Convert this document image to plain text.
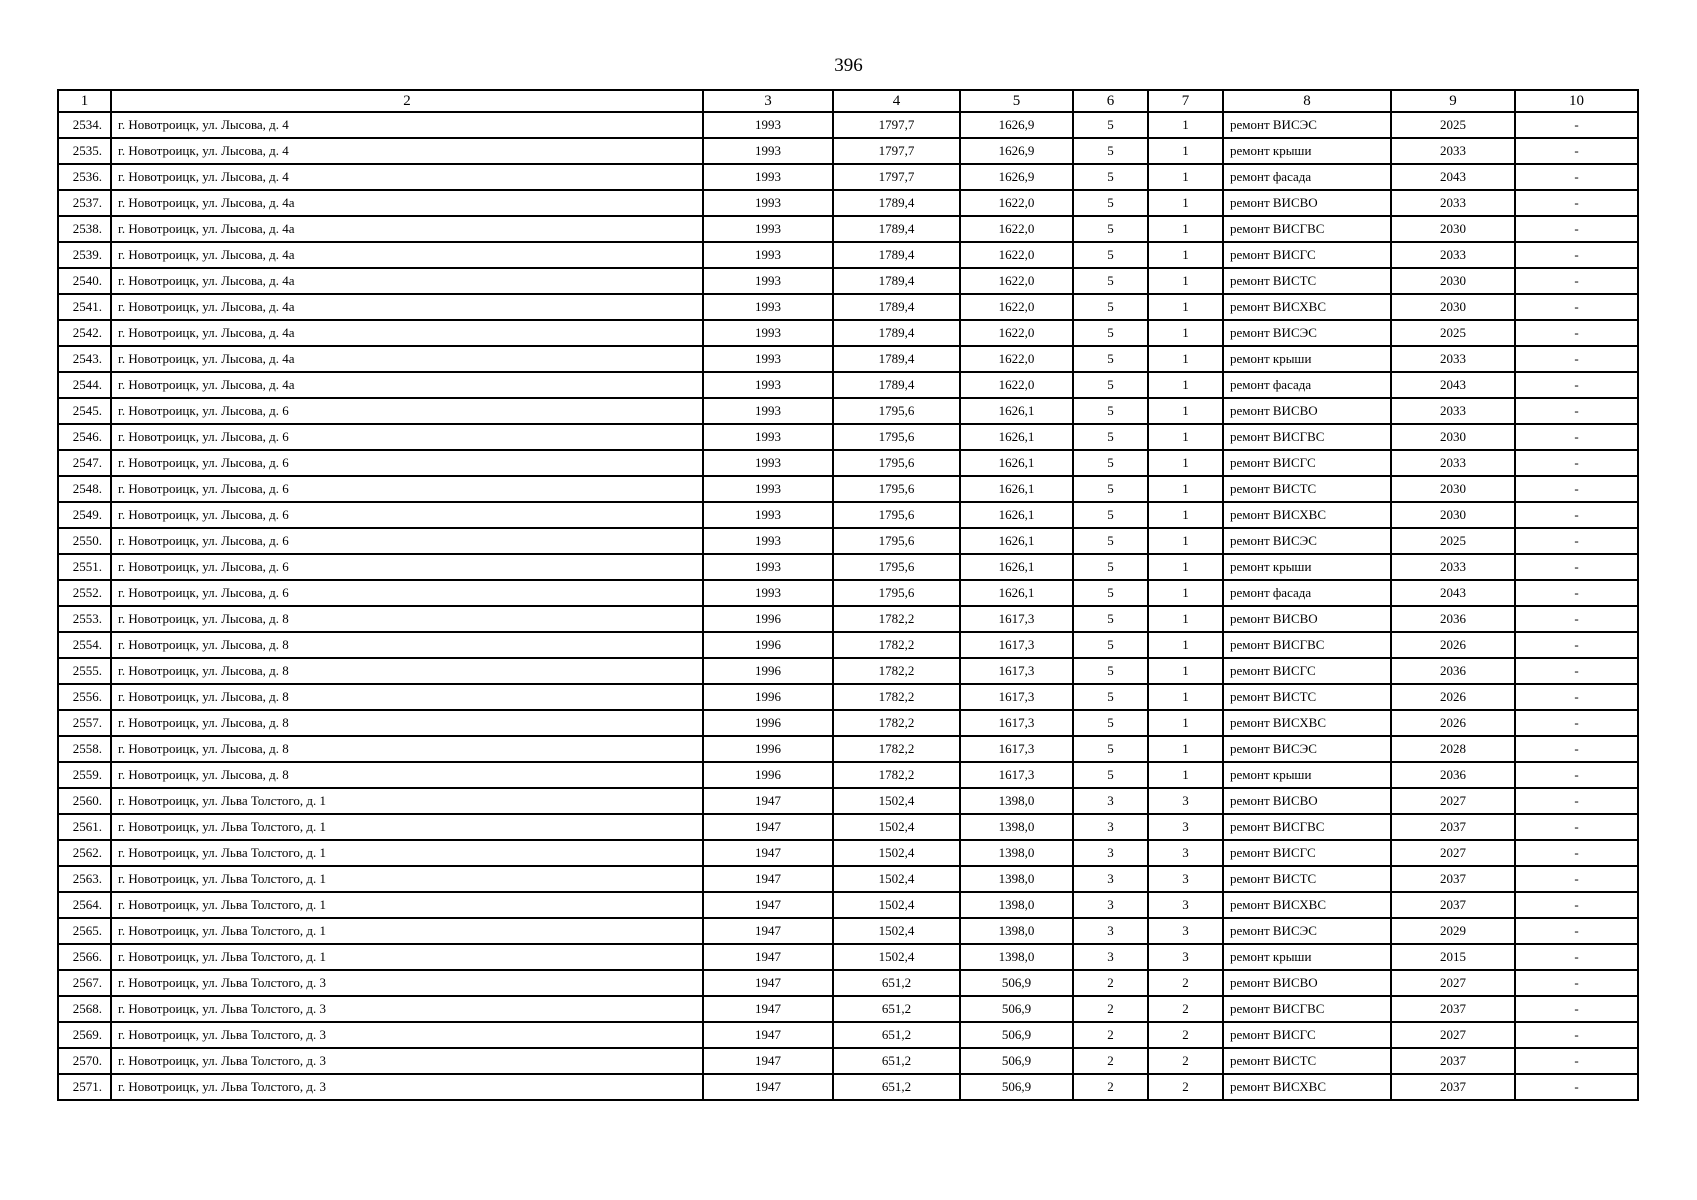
396
1	2	3	4	5	6	7	8	9	10
2534.	г. Новотроицк, ул. Лысова, д. 4	1993	1797,7	1626,9	5	1	ремонт ВИСЭС	2025	-
2535.	г. Новотроицк, ул. Лысова, д. 4	1993	1797,7	1626,9	5	1	ремонт крыши	2033	-
2536.	г. Новотроицк, ул. Лысова, д. 4	1993	1797,7	1626,9	5	1	ремонт фасада	2043	-
2537.	г. Новотроицк, ул. Лысова, д. 4а	1993	1789,4	1622,0	5	1	ремонт ВИСВО	2033	-
2538.	г. Новотроицк, ул. Лысова, д. 4а	1993	1789,4	1622,0	5	1	ремонт ВИСГВС	2030	-
2539.	г. Новотроицк, ул. Лысова, д. 4а	1993	1789,4	1622,0	5	1	ремонт ВИСГС	2033	-
2540.	г. Новотроицк, ул. Лысова, д. 4а	1993	1789,4	1622,0	5	1	ремонт ВИСТС	2030	-
2541.	г. Новотроицк, ул. Лысова, д. 4а	1993	1789,4	1622,0	5	1	ремонт ВИСХВС	2030	-
2542.	г. Новотроицк, ул. Лысова, д. 4а	1993	1789,4	1622,0	5	1	ремонт ВИСЭС	2025	-
2543.	г. Новотроицк, ул. Лысова, д. 4а	1993	1789,4	1622,0	5	1	ремонт крыши	2033	-
2544.	г. Новотроицк, ул. Лысова, д. 4а	1993	1789,4	1622,0	5	1	ремонт фасада	2043	-
2545.	г. Новотроицк, ул. Лысова, д. 6	1993	1795,6	1626,1	5	1	ремонт ВИСВО	2033	-
2546.	г. Новотроицк, ул. Лысова, д. 6	1993	1795,6	1626,1	5	1	ремонт ВИСГВС	2030	-
2547.	г. Новотроицк, ул. Лысова, д. 6	1993	1795,6	1626,1	5	1	ремонт ВИСГС	2033	-
2548.	г. Новотроицк, ул. Лысова, д. 6	1993	1795,6	1626,1	5	1	ремонт ВИСТС	2030	-
2549.	г. Новотроицк, ул. Лысова, д. 6	1993	1795,6	1626,1	5	1	ремонт ВИСХВС	2030	-
2550.	г. Новотроицк, ул. Лысова, д. 6	1993	1795,6	1626,1	5	1	ремонт ВИСЭС	2025	-
2551.	г. Новотроицк, ул. Лысова, д. 6	1993	1795,6	1626,1	5	1	ремонт крыши	2033	-
2552.	г. Новотроицк, ул. Лысова, д. 6	1993	1795,6	1626,1	5	1	ремонт фасада	2043	-
2553.	г. Новотроицк, ул. Лысова, д. 8	1996	1782,2	1617,3	5	1	ремонт ВИСВО	2036	-
2554.	г. Новотроицк, ул. Лысова, д. 8	1996	1782,2	1617,3	5	1	ремонт ВИСГВС	2026	-
2555.	г. Новотроицк, ул. Лысова, д. 8	1996	1782,2	1617,3	5	1	ремонт ВИСГС	2036	-
2556.	г. Новотроицк, ул. Лысова, д. 8	1996	1782,2	1617,3	5	1	ремонт ВИСТС	2026	-
2557.	г. Новотроицк, ул. Лысова, д. 8	1996	1782,2	1617,3	5	1	ремонт ВИСХВС	2026	-
2558.	г. Новотроицк, ул. Лысова, д. 8	1996	1782,2	1617,3	5	1	ремонт ВИСЭС	2028	-
2559.	г. Новотроицк, ул. Лысова, д. 8	1996	1782,2	1617,3	5	1	ремонт крыши	2036	-
2560.	г. Новотроицк, ул. Льва Толстого, д. 1	1947	1502,4	1398,0	3	3	ремонт ВИСВО	2027	-
2561.	г. Новотроицк, ул. Льва Толстого, д. 1	1947	1502,4	1398,0	3	3	ремонт ВИСГВС	2037	-
2562.	г. Новотроицк, ул. Льва Толстого, д. 1	1947	1502,4	1398,0	3	3	ремонт ВИСГС	2027	-
2563.	г. Новотроицк, ул. Льва Толстого, д. 1	1947	1502,4	1398,0	3	3	ремонт ВИСТС	2037	-
2564.	г. Новотроицк, ул. Льва Толстого, д. 1	1947	1502,4	1398,0	3	3	ремонт ВИСХВС	2037	-
2565.	г. Новотроицк, ул. Льва Толстого, д. 1	1947	1502,4	1398,0	3	3	ремонт ВИСЭС	2029	-
2566.	г. Новотроицк, ул. Льва Толстого, д. 1	1947	1502,4	1398,0	3	3	ремонт крыши	2015	-
2567.	г. Новотроицк, ул. Льва Толстого, д. 3	1947	651,2	506,9	2	2	ремонт ВИСВО	2027	-
2568.	г. Новотроицк, ул. Льва Толстого, д. 3	1947	651,2	506,9	2	2	ремонт ВИСГВС	2037	-
2569.	г. Новотроицк, ул. Льва Толстого, д. 3	1947	651,2	506,9	2	2	ремонт ВИСГС	2027	-
2570.	г. Новотроицк, ул. Льва Толстого, д. 3	1947	651,2	506,9	2	2	ремонт ВИСТС	2037	-
2571.	г. Новотроицк, ул. Льва Толстого, д. 3	1947	651,2	506,9	2	2	ремонт ВИСХВС	2037	-
